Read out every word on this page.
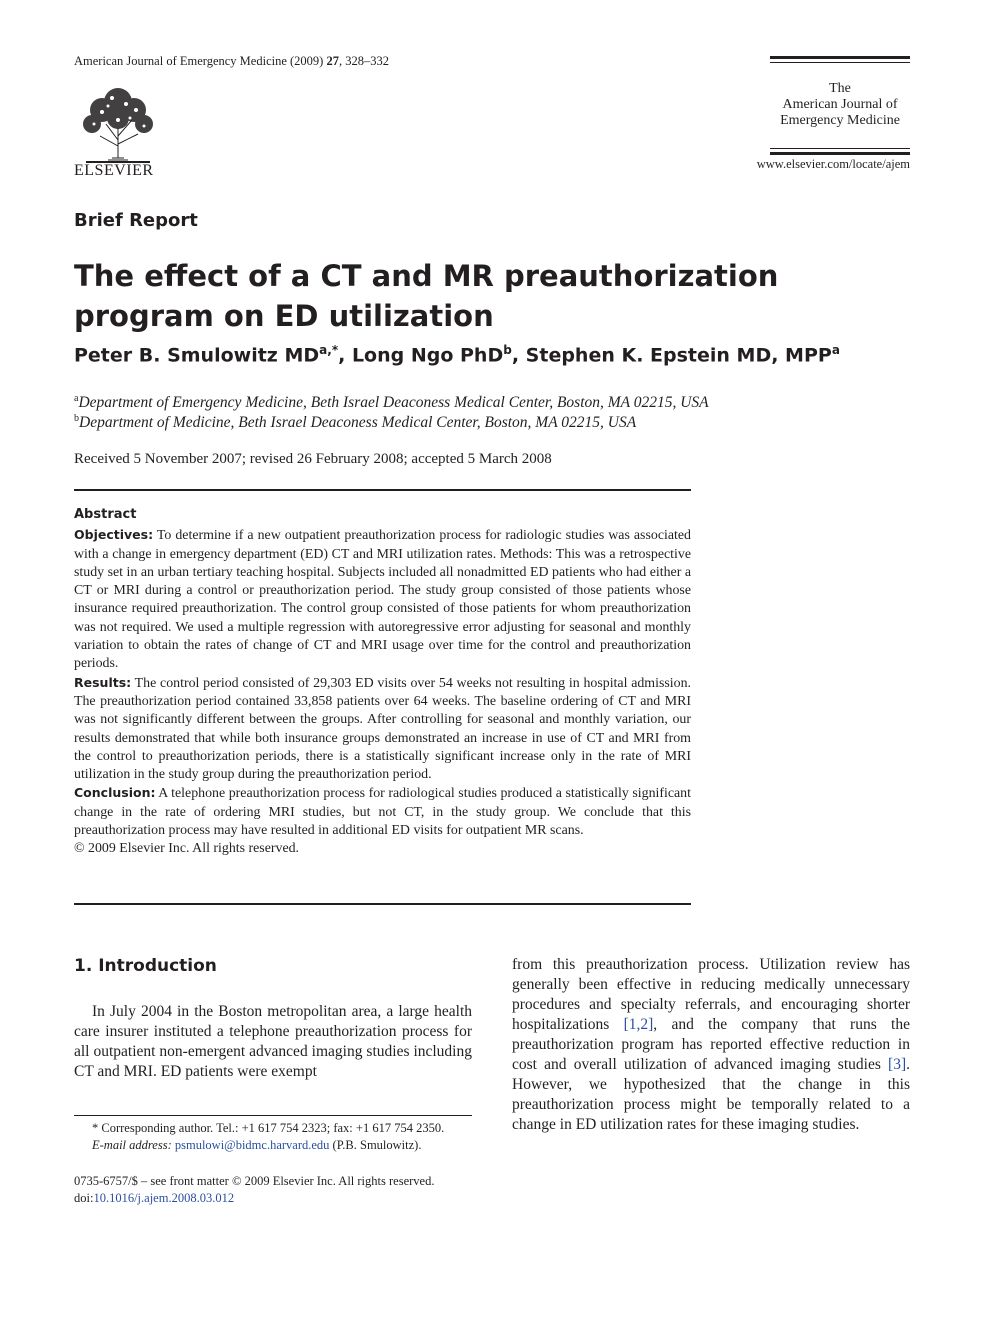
American Journal of Emergency Medicine (2009) 27, 328–332
ELSEVIER
The
American Journal of
Emergency Medicine
www.elsevier.com/locate/ajem
Brief Report
The effect of a CT and MR preauthorization program on ED utilization
Peter B. Smulowitz $MD^{a,*}$, Long Ngo PhD$^b$, Stephen K. Epstein MD, MPP$^a$
$^a$Department of Emergency Medicine, Beth Israel Deaconess Medical Center, Boston, MA 02215, USA
$^b$Department of Medicine, Beth Israel Deaconess Medical Center, Boston, MA 02215, USA
Received 5 November 2007; revised 26 February 2008; accepted 5 March 2008

Abstract

Objectives: To determine if a new outpatient preauthorization process for radiologic studies was associated with a change in emergency department (ED) CT and MRI utilization rates. Methods: This was a retrospective study set in an urban tertiary teaching hospital. Subjects included all nonadmitted ED patients who had either a CT or MRI during a control or preauthorization period. The study group consisted of those patients whose insurance required preauthorization. The control group consisted of those patients for whom preauthorization was not required. We used a multiple regression with autoregressive error adjusting for seasonal and monthly variation to obtain the rates of change of CT and MRI usage over time for the control and preauthorization periods.

Results: The control period consisted of 29,303 ED visits over 54 weeks not resulting in hospital admission. The preauthorization period contained 33,858 patients over 64 weeks. The baseline ordering of CT and MRI was not significantly different between the groups. After controlling for seasonal and monthly variation, our results demonstrated that while both insurance groups demonstrated an increase in use of CT and MRI from the control to preauthorization periods, there is a statistically significant increase only in the rate of MRI utilization in the study group during the preauthorization period.

Conclusion: A telephone preauthorization process for radiological studies produced a statistically significant change in the rate of ordering MRI studies, but not CT, in the study group. We conclude that this preauthorization process may have resulted in additional ED visits for outpatient MR scans.

© 2009 Elsevier Inc. All rights reserved.

1. Introduction

In July 2004 in the Boston metropolitan area, a large health care insurer instituted a telephone preauthorization process for all outpatient non-emergent advanced imaging studies including CT and MRI. ED patients were exempt

from this preauthorization process. Utilization review has generally been effective in reducing medically unnecessary procedures and specialty referrals, and encouraging shorter hospitalizations [1,2], and the company that runs the preauthorization program has reported effective reduction in cost and overall utilization of advanced imaging studies [3]. However, we hypothesized that the change in this preauthorization process might be temporally related to a change in ED utilization rates for these imaging studies.

* Corresponding author. Tel.: +1 617 754 2323; fax: +1 617 754 2350.

E-mail address: psmulowi@bidmc.harvard.edu (P.B. Smulowitz).

0735-6757/$ – see front matter © 2009 Elsevier Inc. All rights reserved.

doi:10.1016/j.ajem.2008.03.012
